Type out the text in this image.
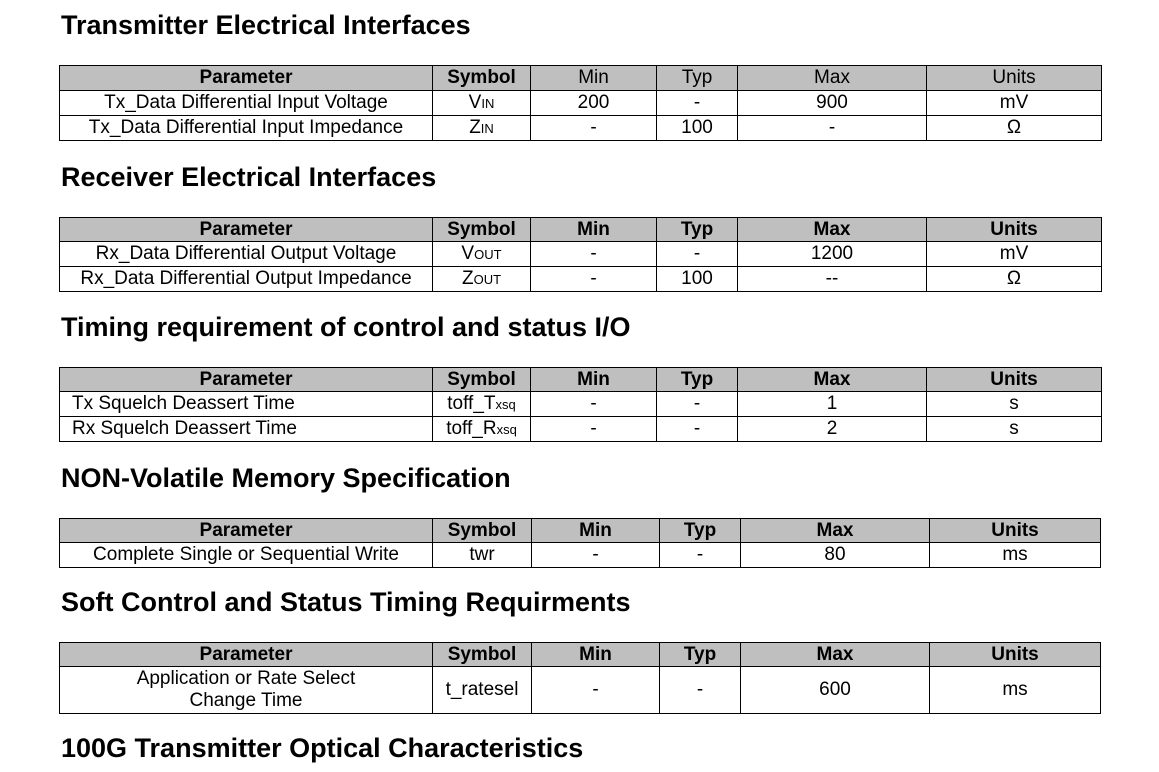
Transmitter Electrical Interfaces
Parameter	Symbol	Min	Typ	Max	Units
Tx_Data Differential Input Voltage	VIN	200	-	900	mV
Tx_Data Differential Input Impedance	ZIN	-	100	-	Ω
Receiver Electrical Interfaces
Parameter	Symbol	Min	Typ	Max	Units
Rx_Data Differential Output Voltage	VOUT	-	-	1200	mV
Rx_Data Differential Output Impedance	ZOUT	-	100	--	Ω
Timing requirement of control and status I/O
Parameter	Symbol	Min	Typ	Max	Units
Tx Squelch Deassert Time	toff_Txsq	-	-	1	s
Rx Squelch Deassert Time	toff_Rxsq	-	-	2	s
NON-Volatile Memory Specification
Parameter	Symbol	Min	Typ	Max	Units
Complete Single or Sequential Write	twr	-	-	80	ms
Soft Control and Status Timing Requirments
Parameter	Symbol	Min	Typ	Max	Units
Application or Rate Select
Change Time	t_ratesel	-	-	600	ms
100G Transmitter Optical Characteristics
